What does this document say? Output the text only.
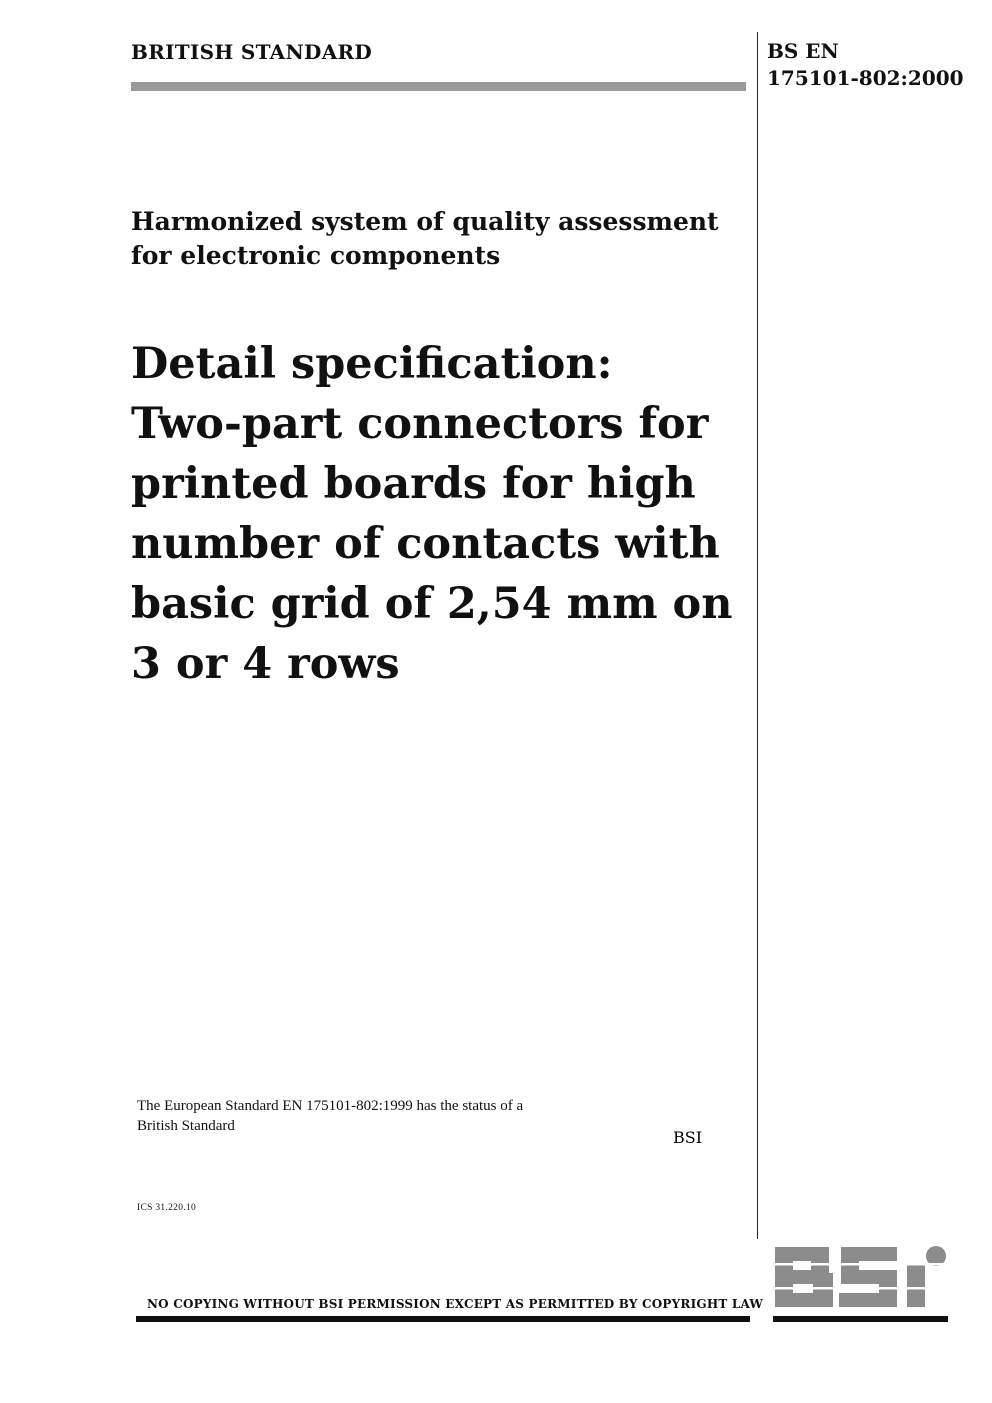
BRITISH STANDARD	BS EN
175101-802:2000
Harmonized system of quality assessment
for electronic components
Detail specification:
Two-part connectors for
printed boards for high
number of contacts with
basic grid of 2,54 mm on
3 or 4 rows
The European Standard EN 175101-802:1999 has the status of a
British Standard
ICS 31.220.10
NO COPYING WITHOUT BSI PERMISSION EXCEPT AS PERMITTED BY COPYRIGHT LAW
BSI
